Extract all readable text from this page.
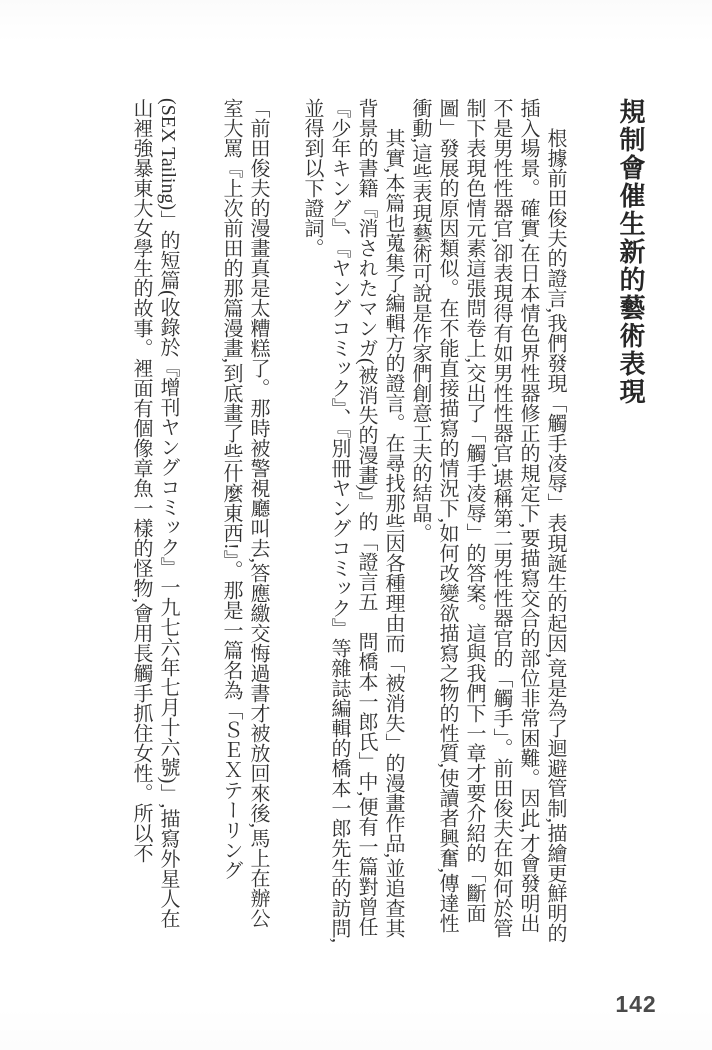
規制會催生新的藝術表現

根據前田俊夫的證言,我們發現「觸手凌辱」表現誕生的起因,竟是為了迴避管制,描繪更鮮明的插入場景。確實,在日本情色界性器修正的規定下,要描寫交合的部位非常困難。因此,才會發明出不是男性性器官,卻表現得有如男性性器官,堪稱第二男性性器官的「觸手」。前田俊夫在如何於管制下表現色情元素這張問卷上,交出了「觸手凌辱」的答案。這與我們下一章才要介紹的「斷面圖」發展的原因類似。在不能直接描寫的情況下,如何改變欲描寫之物的性質,使讀者興奮,傳達性衝動,這些表現藝術可說是作家們創意工夫的結晶。

其實,本篇也蒐集了編輯方的證言。在尋找那些因各種理由而「被消失」的漫畫作品,並追查其背景的書籍『消されたマンガ(被消失的漫畫)』的「證言五　問橋本一郎氏」中,便有一篇對曾任『少年キング』、『ヤングコミック』、『別冊ヤングコミック』等雜誌編輯的橋本一郎先生的訪問,並得到以下證詞。

「前田俊夫的漫畫真是太糟糕了。那時被警視廳叫去,答應繳交悔過書才被放回來後,馬上在辦公室大罵『上次前田的那篇漫畫,到底畫了些什麼東西!』。那是一篇名為「ＳＥＸテーリング

(SEX Tailing)」的短篇(收錄於『增刊ヤングコミック』一九七六年七月十六號)」,描寫外星人在山裡強暴東大女學生的故事。裡面有個像章魚一樣的怪物,會用長觸手抓住女性。所以不

142
